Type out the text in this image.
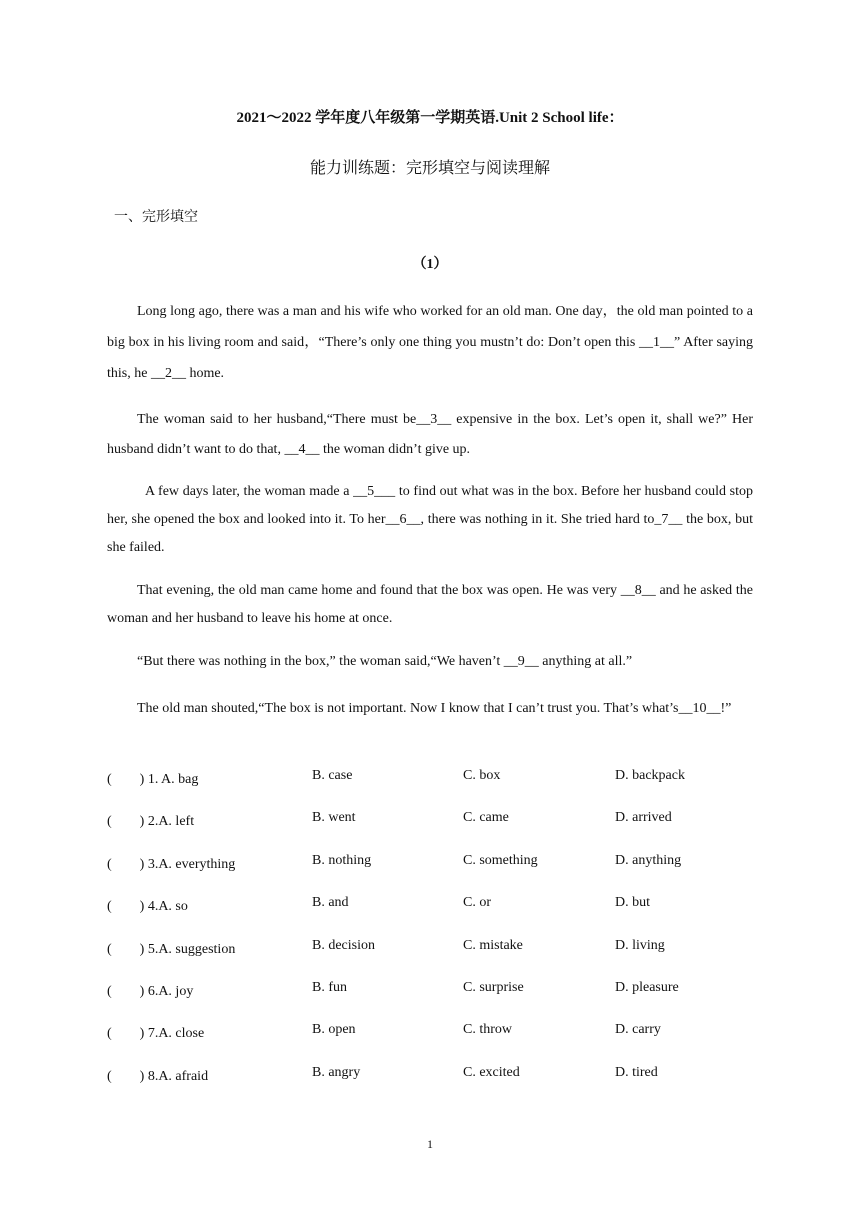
2021～2022 学年度八年级第一学期英语.Unit 2 School life：
能力训练题：完形填空与阅读理解
一、完形填空
（1）
Long long ago, there was a man and his wife who worked for an old man. One day，the old man pointed to a big box in his living room and said，“There’s only one thing you mustn’t do: Don’t open this __1__” After saying this, he __2__ home.
The woman said to her husband,“There must be__3__ expensive in the box. Let’s open it, shall we?” Her husband didn’t want to do that, __4__ the woman didn’t give up.
A few days later, the woman made a __5___ to find out what was in the box. Before her husband could stop her, she opened the box and looked into it. To her__6__, there was nothing in it. She tried hard to_7__ the box, but she failed.
That evening, the old man came home and found that the box was open. He was very __8__ and he asked the woman and her husband to leave his home at once.
“But there was nothing in the box,” the woman said,“We haven’t __9__ anything at all.”
The old man shouted,“The box is not important. Now I know that I can’t trust you. That’s what’s__10__!”
(　　) 1. A. bag	B. case	C. box	D. backpack
(　　) 2.A. left	B. went	C. came	D. arrived
(　　) 3.A. everything	B. nothing	C. something	D. anything
(　　) 4.A. so	B. and	C. or	D. but
(　　) 5.A. suggestion	B. decision	C. mistake	D. living
(　　) 6.A. joy	B. fun	C. surprise	D. pleasure
(　　) 7.A. close	B. open	C. throw	D. carry
(　　) 8.A. afraid	B. angry	C. excited	D. tired
1
